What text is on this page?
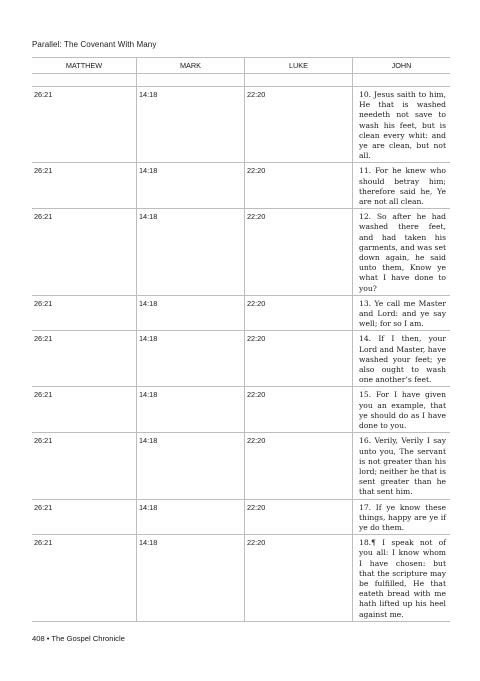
Parallel: The Covenant With Many
MATTHEW	MARK	LUKE	JOHN

26:21	14:18	22:20	10. Jesus saith to him, He that is washed needeth not save to wash his feet, but is clean every whit: and ye are clean, but not all.
26:21	14:18	22:20	11. For he knew who should betray him; therefore said he, Ye are not all clean.
26:21	14:18	22:20	12. So after he had washed there feet, and had taken his garments, and was set down again, he said unto them, Know ye what I have done to you?
26:21	14:18	22:20	13. Ye call me Master and Lord: and ye say well; for so I am.
26:21	14:18	22:20	14. If I then, your Lord and Master, have washed your feet; ye also ought to wash one another’s feet.
26:21	14:18	22:20	15. For I have given you an example, that ye should do as I have done to you.
26:21	14:18	22:20	16. Verily, Verily I say unto you, The servant is not greater than his lord; neither he that is sent greater than he that sent him.
26:21	14:18	22:20	17. If ye know these things, happy are ye if ye do them.
26:21	14:18	22:20	18.¶ I speak not of you all: I know whom I have chosen: but that the scripture may be fulfilled, He that eateth bread with me hath lifted up his heel against me.
408 • The Gospel Chronicle
